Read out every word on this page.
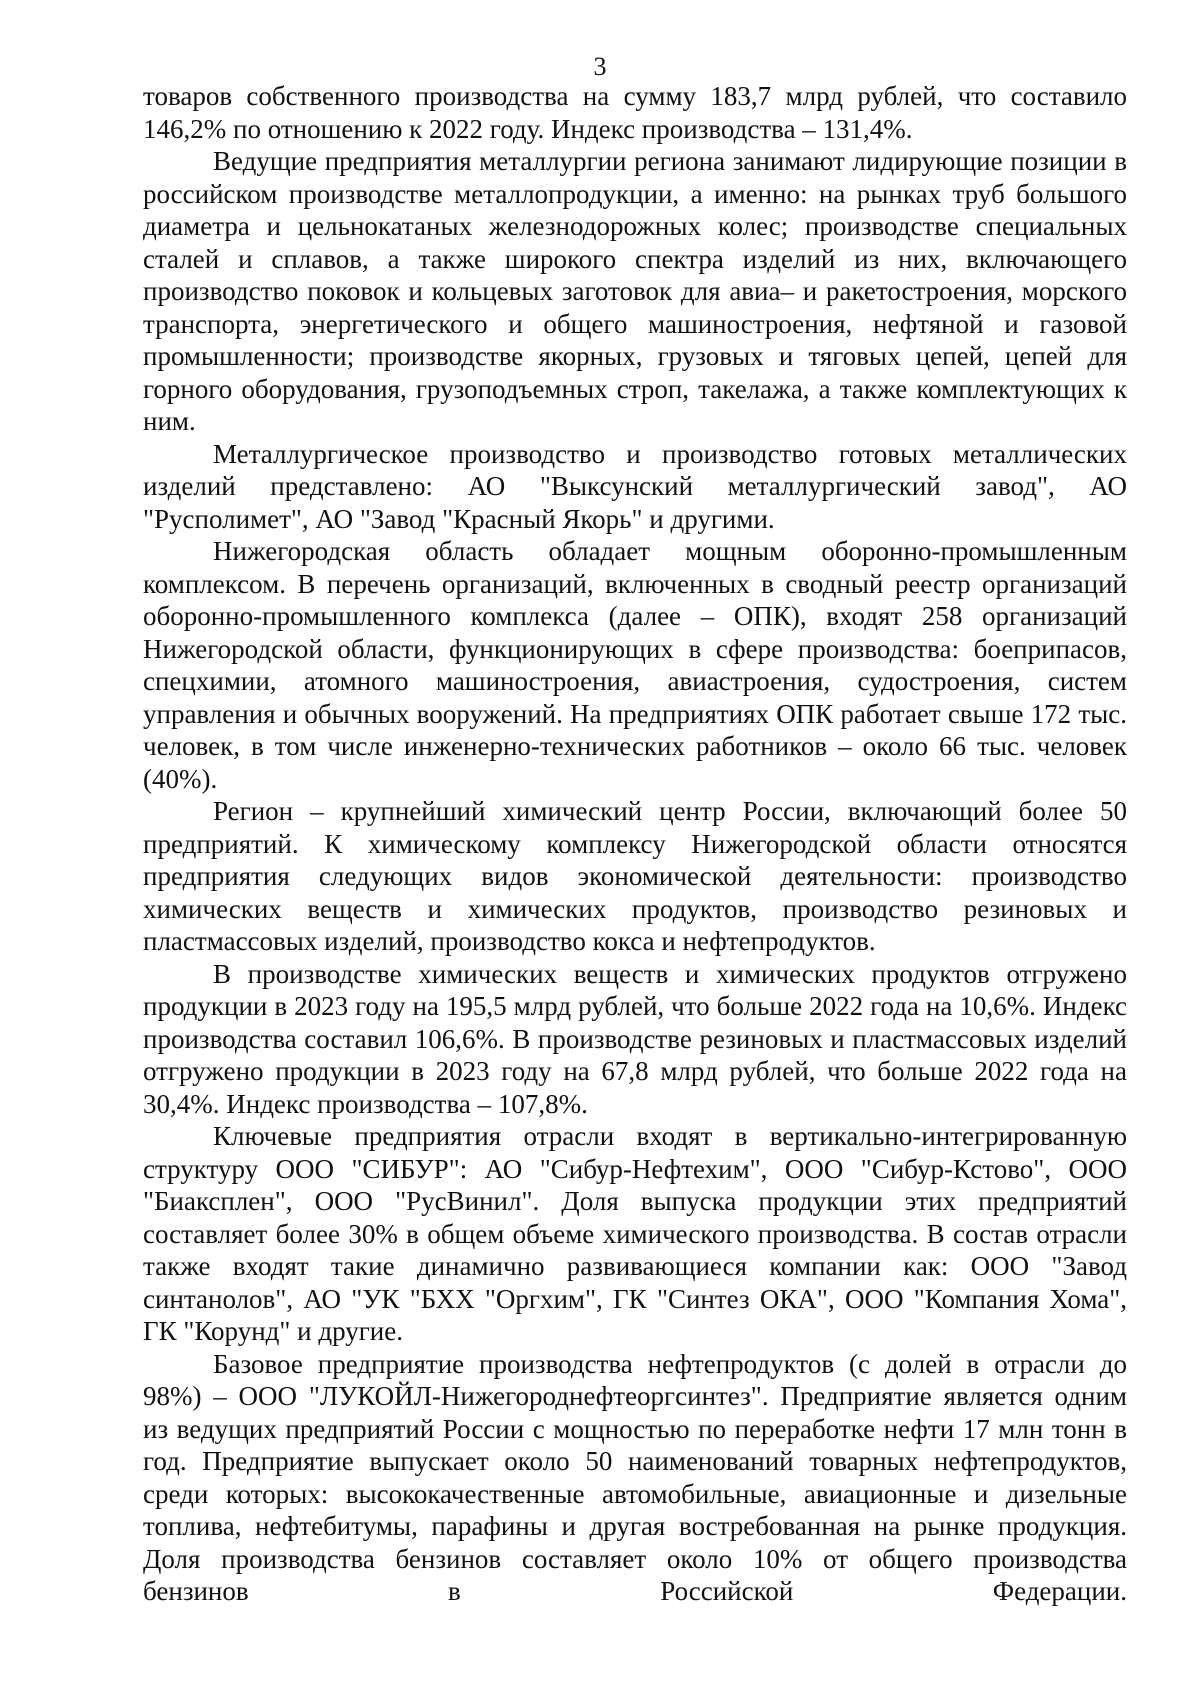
3

товаров собственного производства на сумму 183,7 млрд рублей, что составило 146,2% по отношению к 2022 году. Индекс производства – 131,4%.

Ведущие предприятия металлургии региона занимают лидирующие позиции в российском производстве металлопродукции, а именно: на рынках труб большого диаметра и цельнокатаных железнодорожных колес; производстве специальных сталей и сплавов, а также широкого спектра изделий из них, включающего производство поковок и кольцевых заготовок для авиа– и ракетостроения, морского транспорта, энергетического и общего машиностроения, нефтяной и газовой промышленности; производстве якорных, грузовых и тяговых цепей, цепей для горного оборудования, грузоподъемных строп, такелажа, а также комплектующих к ним.

Металлургическое производство и производство готовых металлических изделий представлено: АО "Выксунский металлургический завод", АО "Русполимет", АО "Завод "Красный Якорь" и другими.

Нижегородская область обладает мощным оборонно-промышленным комплексом. В перечень организаций, включенных в сводный реестр организаций оборонно-промышленного комплекса (далее – ОПК), входят 258 организаций Нижегородской области, функционирующих в сфере производства: боеприпасов, спецхимии, атомного машиностроения, авиастроения, судостроения, систем управления и обычных вооружений. На предприятиях ОПК работает свыше 172 тыс. человек, в том числе инженерно-технических работников – около 66 тыс. человек (40%).

Регион – крупнейший химический центр России, включающий более 50 предприятий. К химическому комплексу Нижегородской области относятся предприятия следующих видов экономической деятельности: производство химических веществ и химических продуктов, производство резиновых и пластмассовых изделий, производство кокса и нефтепродуктов.

В производстве химических веществ и химических продуктов отгружено продукции в 2023 году на 195,5 млрд рублей, что больше 2022 года на 10,6%. Индекс производства составил 106,6%. В производстве резиновых и пластмассовых изделий отгружено продукции в 2023 году на 67,8 млрд рублей, что больше 2022 года на 30,4%. Индекс производства – 107,8%.

Ключевые предприятия отрасли входят в вертикально-интегрированную структуру ООО "СИБУР": АО "Сибур-Нефтехим", ООО "Сибур-Кстово", ООО "Биаксплен", ООО "РусВинил". Доля выпуска продукции этих предприятий составляет более 30% в общем объеме химического производства. В состав отрасли также входят такие динамично развивающиеся компании как: ООО "Завод синтанолов", АО "УК "БХХ "Оргхим", ГК "Синтез ОКА", ООО "Компания Хома", ГК "Корунд" и другие.

Базовое предприятие производства нефтепродуктов (с долей в отрасли до 98%) – ООО "ЛУКОЙЛ-Нижегороднефтеоргсинтез". Предприятие является одним из ведущих предприятий России с мощностью по переработке нефти 17 млн тонн в год. Предприятие выпускает около 50 наименований товарных нефтепродуктов, среди которых: высококачественные автомобильные, авиационные и дизельные топлива, нефтебитумы, парафины и другая востребованная на рынке продукция. Доля производства бензинов составляет около 10% от общего производства бензинов в Российской Федерации.
